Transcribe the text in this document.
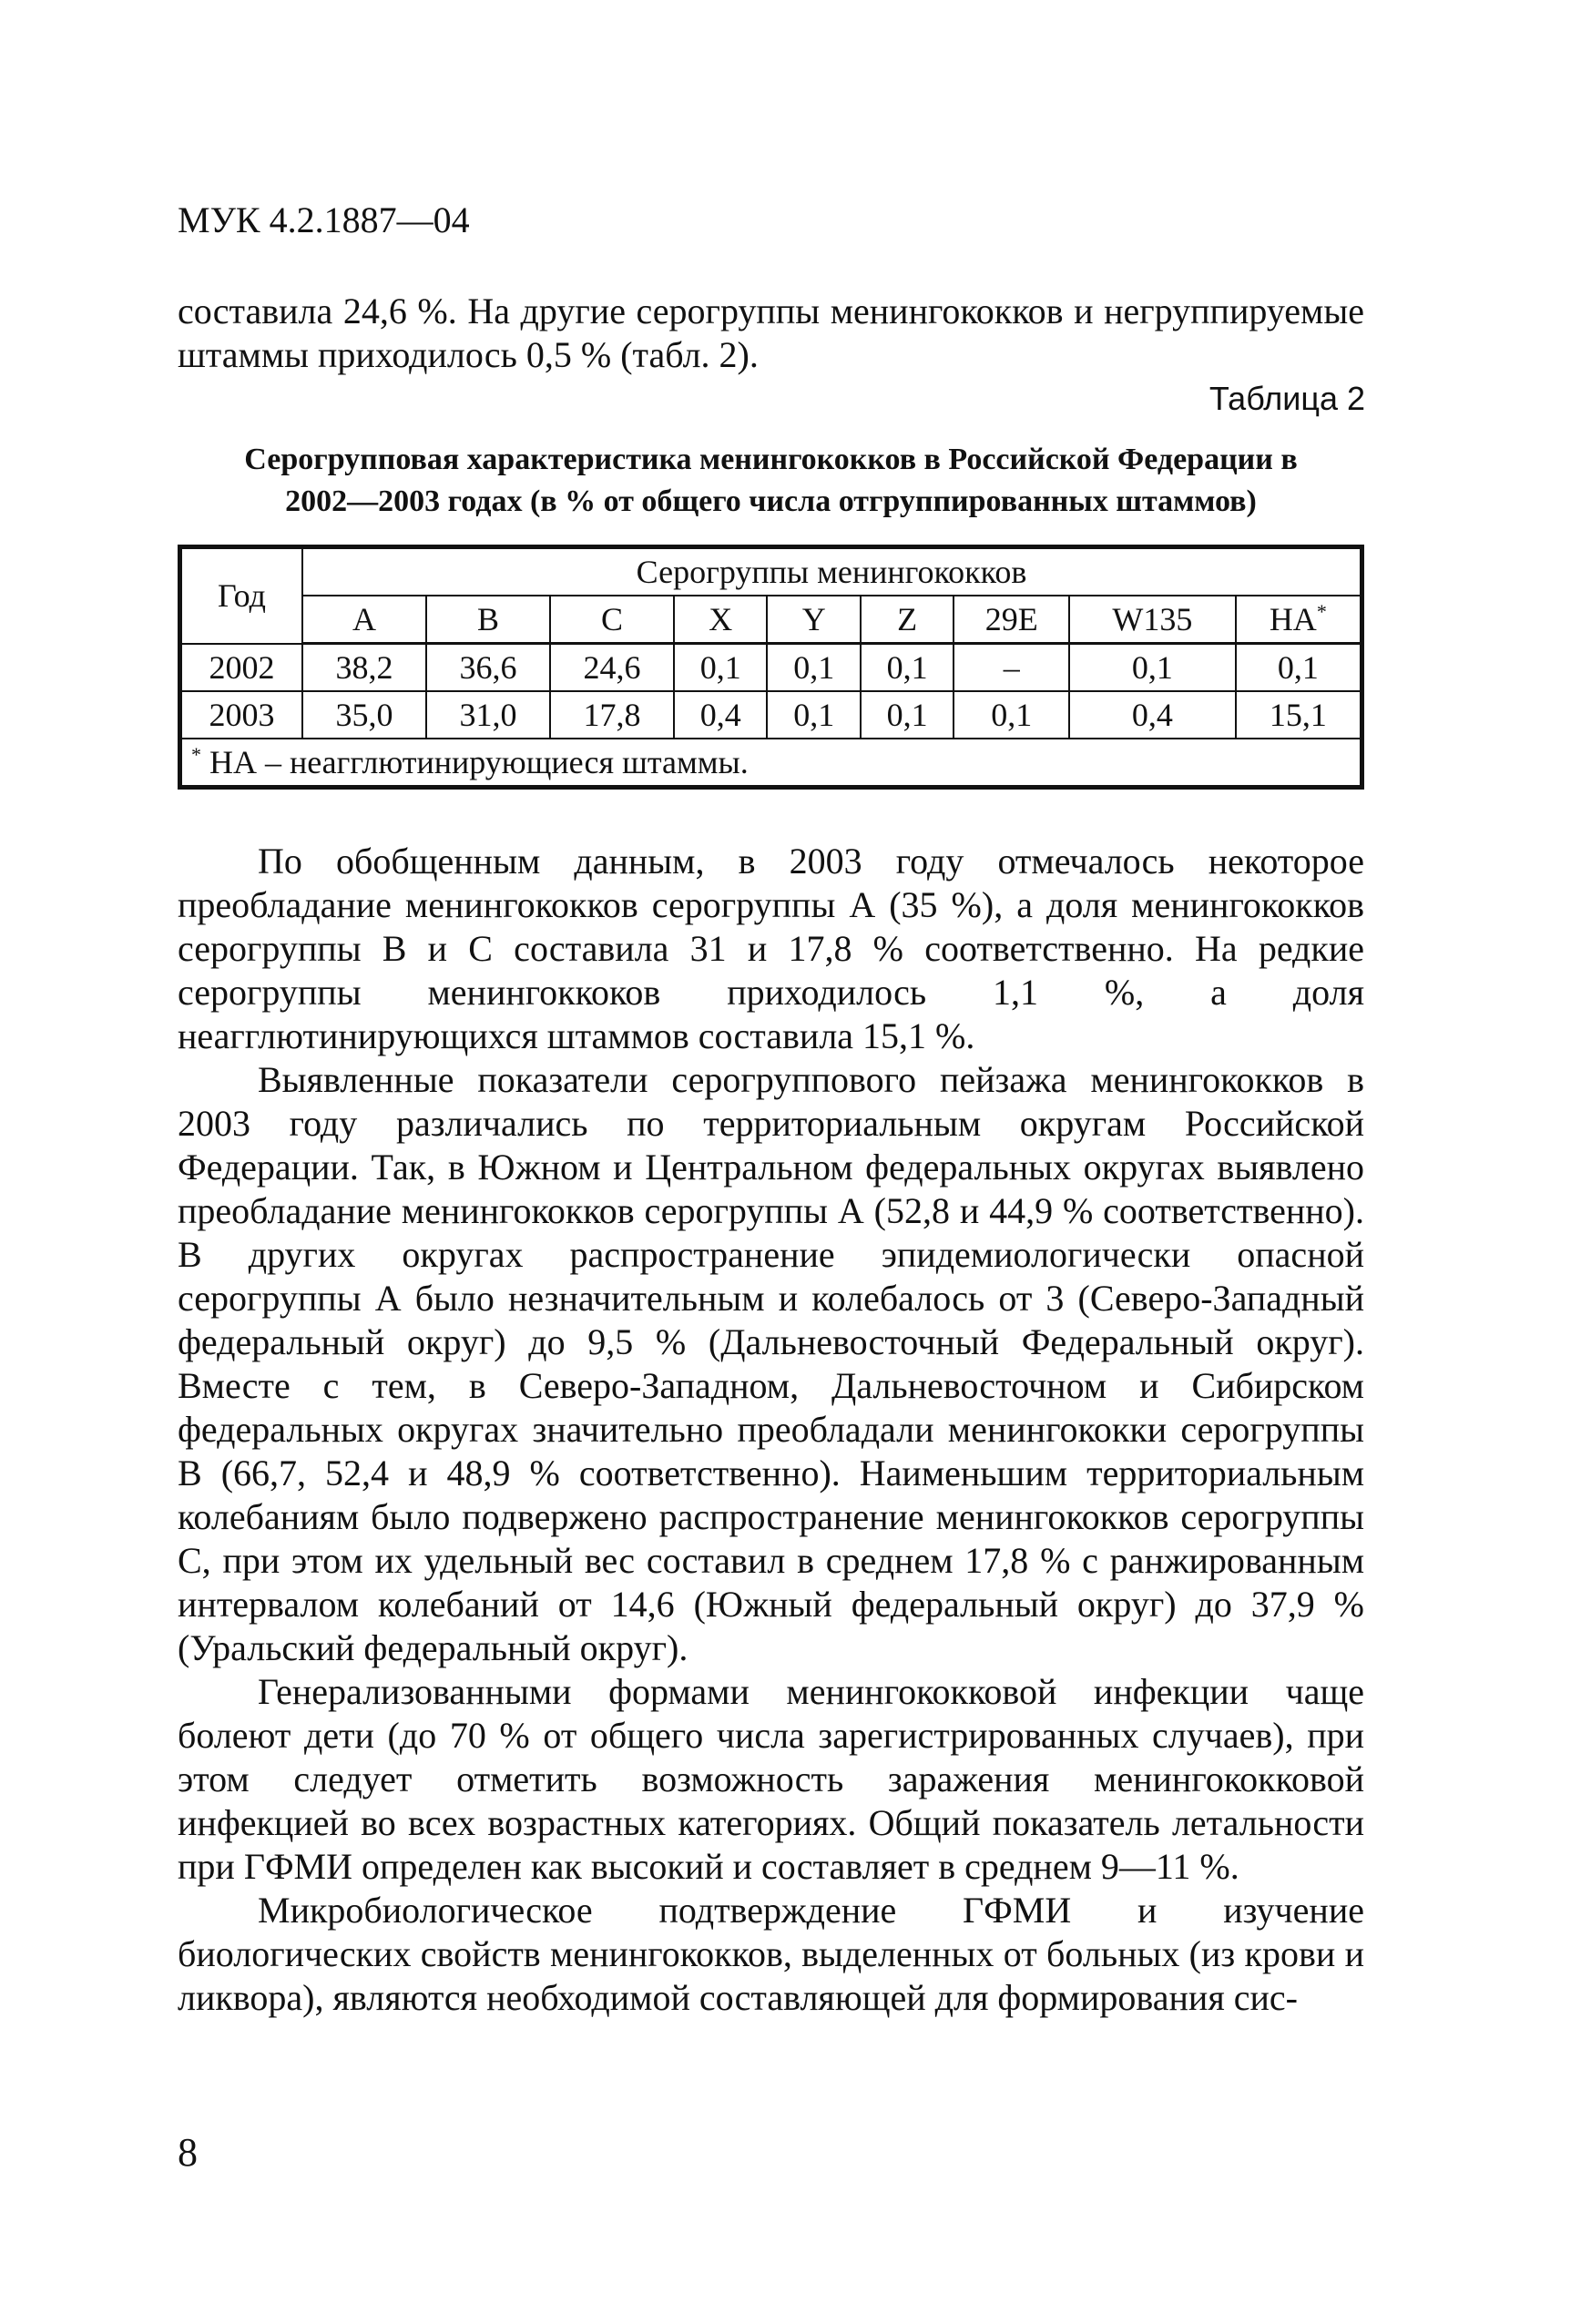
МУК 4.2.1887—04

составила 24,6 %. На другие серогруппы менингококков и негруппируемые штаммы приходилось 0,5 % (табл. 2).

Таблица 2
Серогрупповая характеристика менингококков в Российской Федерации в
2002—2003 годах (в % от общего числа отгруппированных штаммов)
Год	Серогруппы менингококков								
	A	B	C	X	Y	Z	29E	W135	НА*
2002	38,2	36,6	24,6	0,1	0,1	0,1	–	0,1	0,1
2003	35,0	31,0	17,8	0,4	0,1	0,1	0,1	0,4	15,1
* НА – неагглютинирующиеся штаммы.									

По обобщенным данным, в 2003 году отмечалось некоторое преобладание менингококков серогруппы А (35 %), а доля менингококков серогруппы В и С составила 31 и 17,8 % соответственно. На редкие серогруппы менингоккоков приходилось 1,1 %, а доля неагглютинирующихся штаммов составила 15,1 %.

Выявленные показатели серогруппового пейзажа менингококков в 2003 году различались по территориальным округам Российской Федерации. Так, в Южном и Центральном федеральных округах выявлено преобладание менингококков серогруппы А (52,8 и 44,9 % соответственно). В других округах распространение эпидемиологически опасной серогруппы А было незначительным и колебалось от 3 (Северо-Западный федеральный округ) до 9,5 % (Дальневосточный Федеральный округ). Вместе с тем, в Северо-Западном, Дальневосточном и Сибирском федеральных округах значительно преобладали менингококки серогруппы В (66,7, 52,4 и 48,9 % соответственно). Наименьшим территориальным колебаниям было подвержено распространение менингококков серогруппы С, при этом их удельный вес составил в среднем 17,8 % с ранжированным интервалом колебаний от 14,6 (Южный федеральный округ) до 37,9 % (Уральский федеральный округ).

Генерализованными формами менингококковой инфекции чаще болеют дети (до 70 % от общего числа зарегистрированных случаев), при этом следует отметить возможность заражения менингококковой инфекцией во всех возрастных категориях. Общий показатель летальности при ГФМИ определен как высокий и составляет в среднем 9—11 %.

Микробиологическое подтверждение ГФМИ и изучение биологических свойств менингококков, выделенных от больных (из крови и ликвора), являются необходимой составляющей для формирования сис-

8
